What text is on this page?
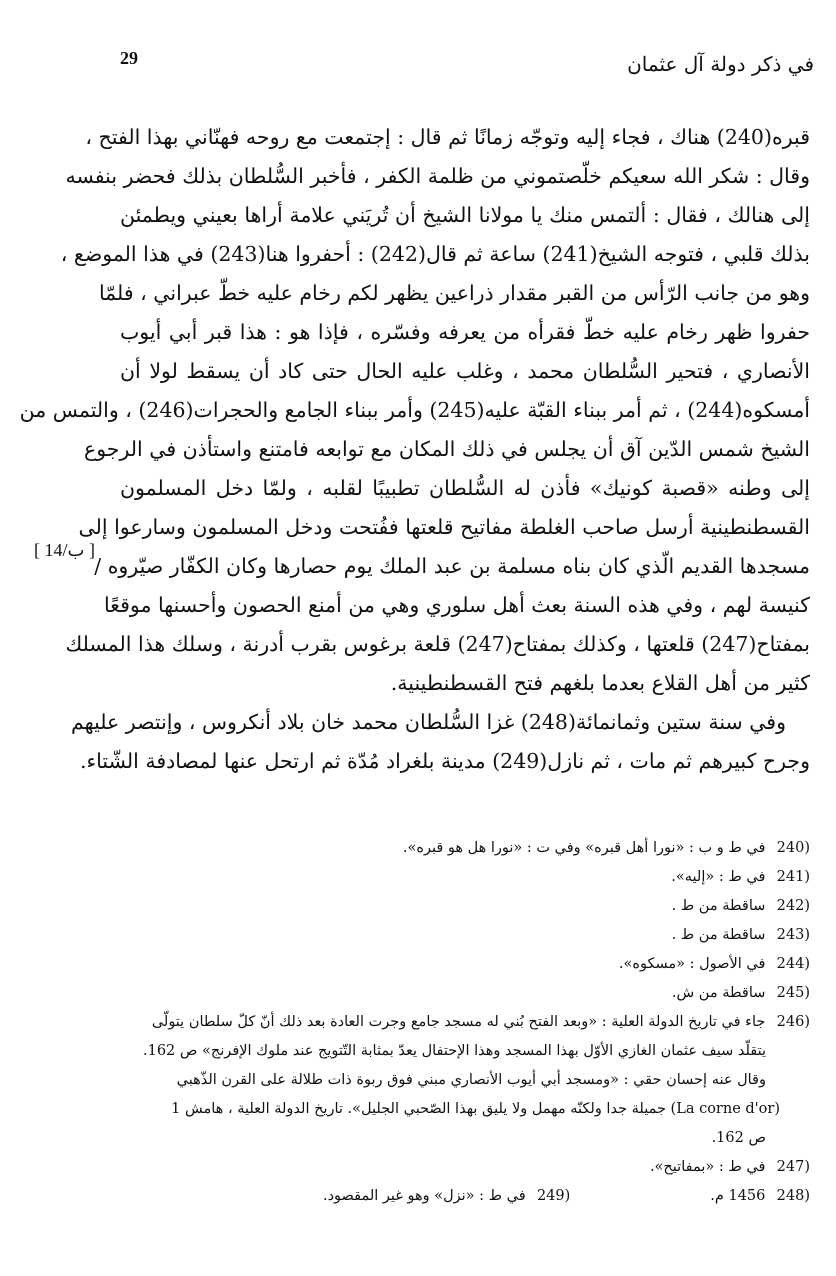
29	في ذكر دولة آل عثمان
[ 14/ب ]
قبره(240) هناك ، فجاء إليه وتوجّه زمانًا ثم قال : إجتمعت مع روحه فهنّاني بهذا الفتح ،
وقال : شكر الله سعيكم خلّصتموني من ظلمة الكفر ، فأخبر السُّلطان بذلك فحضر بنفسه
إلى هنالك ، فقال : ألتمس منك يا مولانا الشيخ أن تُريَني علامة أراها بعيني ويطمئن
بذلك قلبي ، فتوجه الشيخ(241) ساعة ثم قال(242) : أحفروا هنا(243) في هذا الموضع ،
وهو من جانب الرّأس من القبر مقدار ذراعين يظهر لكم رخام عليه خطّ عبراني ، فلمّا
حفروا ظهر رخام عليه خطّ فقرأه من يعرفه وفسّره ، فإذا هو : هذا قبر أبي أيوب
الأنصاري ، فتحير السُّلطان محمد ، وغلب عليه الحال حتى كاد أن يسقط لولا أن
أمسكوه(244) ، ثم أمر ببناء القبّة عليه(245) وأمر ببناء الجامع والحجرات(246) ، والتمس من
الشيخ شمس الدّين آق أن يجلس في ذلك المكان مع توابعه فامتنع واستأذن في الرجوع
إلى وطنه «قصبة كونيك» فأذن له السُّلطان تطبيبًا لقلبه ، ولمّا دخل المسلمون
القسطنطينية أرسل صاحب الغلطة مفاتيح قلعتها ففُتحت ودخل المسلمون وسارعوا إلى
مسجدها القديم الّذي كان بناه مسلمة بن عبد الملك يوم حصارها وكان الكفّار صيّروه /
كنيسة لهم ، وفي هذه السنة بعث أهل سلوري وهي من أمنع الحصون وأحسنها موقعًا
بمفتاح(247) قلعتها ، وكذلك بمفتاح(247) قلعة برغوس بقرب أدرنة ، وسلك هذا المسلك
كثير من أهل القلاع بعدما بلغهم فتح القسطنطينية.
وفي سنة ستين وثمانمائة(248) غزا السُّلطان محمد خان بلاد أنكروس ، وإنتصر عليهم
وجرح كبيرهم ثم مات ، ثم نازل(249) مدينة بلغراد مُدّة ثم ارتحل عنها لمصادفة الشّتاء.
240) في ط و ب : «نورا أهل قبره» وفي ت : «نورا هل هو قبره».
241) في ط : «إليه».
242) ساقطة من ط .
243) ساقطة من ط .
244) في الأصول : «مسكوه».
245) ساقطة من ش.
246) جاء في تاريخ الدولة العلية : «وبعد الفتح بُني له مسجد جامع وجرت العادة بعد ذلك أنّ كلّ سلطان يتولّى
يتقلّد سيف عثمان الغازي الأوّل بهذا المسجد وهذا الإحتفال يعدّ بمثابة التّتويج عند ملوك الإفرنج» ص 162.
وقال عنه إحسان حقي : «ومسجد أبي أيوب الأنصاري مبني فوق ربوة ذات طلالة على القرن الذّهبي
(La corne d'or) جميلة جدا ولكنّه مهمل ولا يليق بهذا الصّحبي الجليل». تاريخ الدولة العلية ، هامش 1
ص 162.
247) في ط : «بمفاتيح».
248) 1456 م.249) في ط : «نزل» وهو غير المقصود.
